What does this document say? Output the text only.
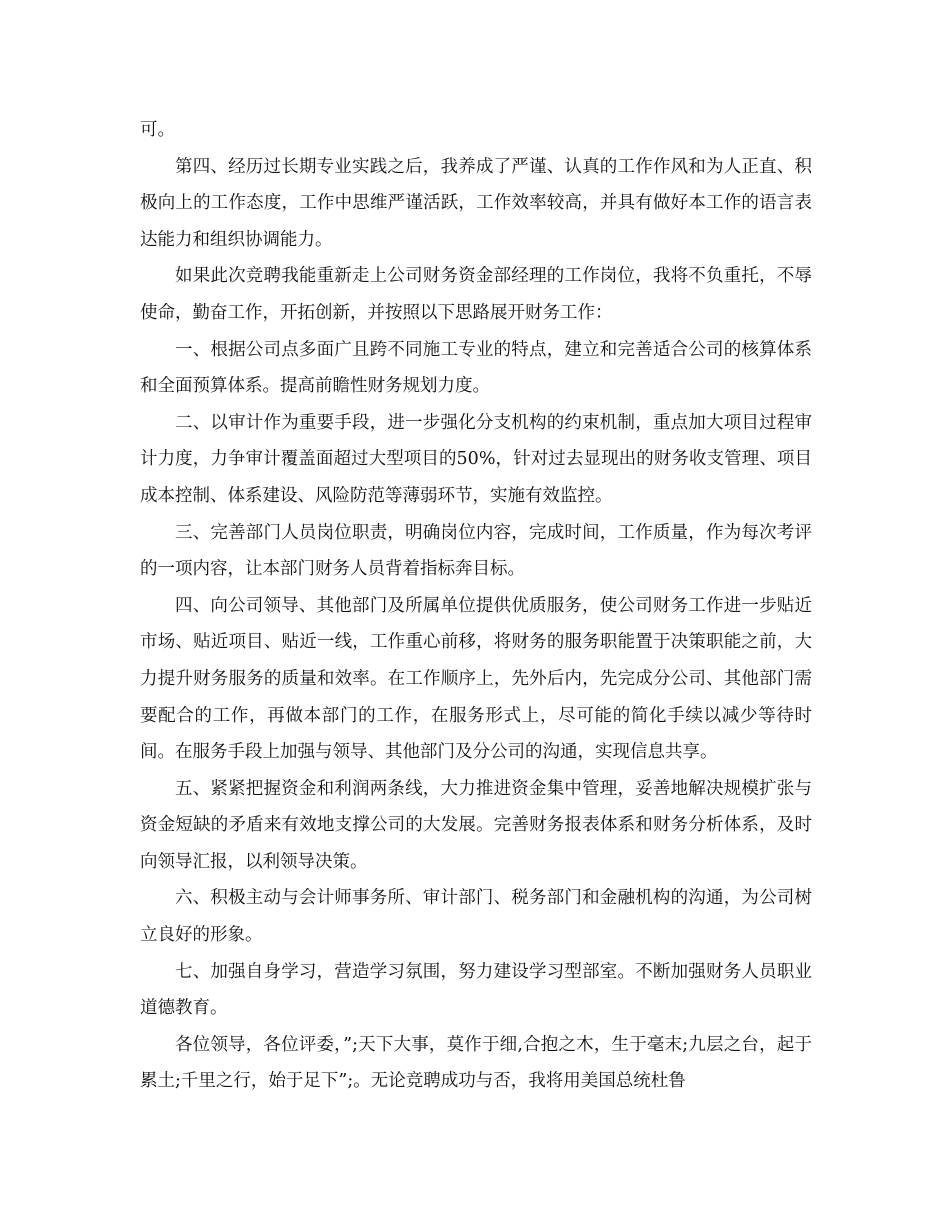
可。

第四、经历过长期专业实践之后，我养成了严谨、认真的工作作风和为人正直、积极向上的工作态度，工作中思维严谨活跃，工作效率较高，并具有做好本工作的语言表达能力和组织协调能力。

如果此次竞聘我能重新走上公司财务资金部经理的工作岗位，我将不负重托，不辱使命，勤奋工作，开拓创新，并按照以下思路展开财务工作：

一、根据公司点多面广且跨不同施工专业的特点，建立和完善适合公司的核算体系和全面预算体系。提高前瞻性财务规划力度。

二、以审计作为重要手段，进一步强化分支机构的约束机制，重点加大项目过程审计力度，力争审计覆盖面超过大型项目的50%，针对过去显现出的财务收支管理、项目成本控制、体系建设、风险防范等薄弱环节，实施有效监控。

三、完善部门人员岗位职责，明确岗位内容，完成时间，工作质量，作为每次考评的一项内容，让本部门财务人员背着指标奔目标。

四、向公司领导、其他部门及所属单位提供优质服务，使公司财务工作进一步贴近市场、贴近项目、贴近一线，工作重心前移，将财务的服务职能置于决策职能之前，大力提升财务服务的质量和效率。在工作顺序上，先外后内，先完成分公司、其他部门需要配合的工作，再做本部门的工作，在服务形式上，尽可能的简化手续以减少等待时间。在服务手段上加强与领导、其他部门及分公司的沟通，实现信息共享。

五、紧紧把握资金和利润两条线，大力推进资金集中管理，妥善地解决规模扩张与资金短缺的矛盾来有效地支撑公司的大发展。完善财务报表体系和财务分析体系，及时向领导汇报，以利领导决策。

六、积极主动与会计师事务所、审计部门、税务部门和金融机构的沟通，为公司树立良好的形象。

七、加强自身学习，营造学习氛围，努力建设学习型部室。不断加强财务人员职业道德教育。

各位领导，各位评委，”;天下大事，莫作于细,合抱之木，生于毫末;九层之台，起于累土;千里之行，始于足下”;。无论竞聘成功与否，我将用美国总统杜鲁
